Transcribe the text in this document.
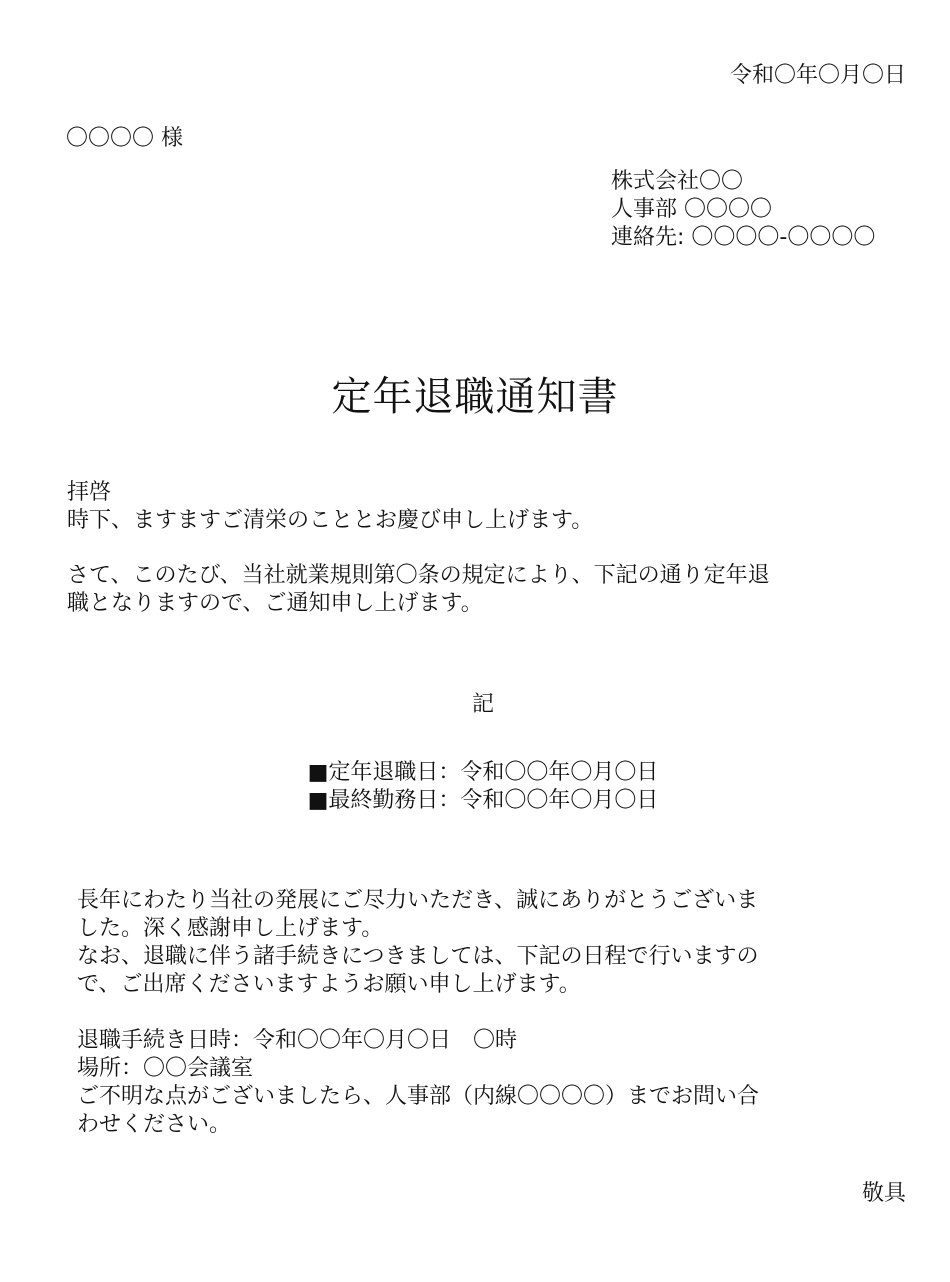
令和〇年〇月〇日
〇〇〇〇 様
株式会社〇〇
人事部 〇〇〇〇
連絡先: 〇〇〇〇-〇〇〇〇
定年退職通知書
拝啓
時下、ますますご清栄のこととお慶び申し上げます。
さて、このたび、当社就業規則第〇条の規定により、下記の通り定年退
職となりますので、ご通知申し上げます。
記
■定年退職日：令和〇〇年〇月〇日
■最終勤務日：令和〇〇年〇月〇日
長年にわたり当社の発展にご尽力いただき、誠にありがとうございま
した。深く感謝申し上げます。
なお、退職に伴う諸手続きにつきましては、下記の日程で行いますの
で、ご出席くださいますようお願い申し上げます。
退職手続き日時：令和〇〇年〇月〇日　〇時
場所：〇〇会議室
ご不明な点がございましたら、人事部（内線〇〇〇〇）までお問い合
わせください。
敬具
